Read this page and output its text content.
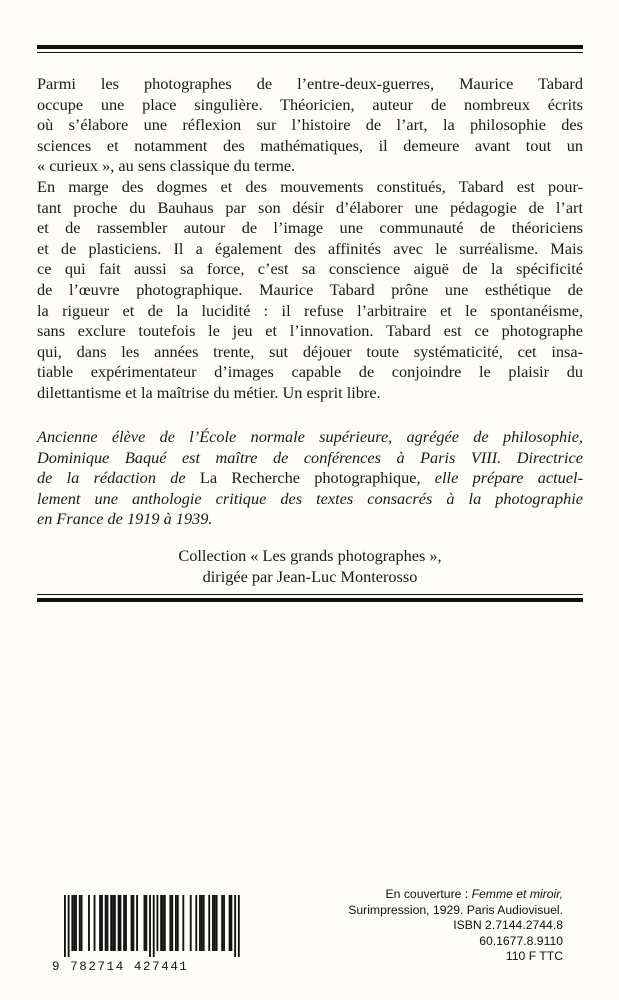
Parmi les photographes de l’entre-deux-guerres, Maurice Tabard
occupe une place singulière. Théoricien, auteur de nombreux écrits
où s’élabore une réflexion sur l’histoire de l’art, la philosophie des
sciences et notamment des mathématiques, il demeure avant tout un
« curieux », au sens classique du terme.

En marge des dogmes et des mouvements constitués, Tabard est pour-
tant proche du Bauhaus par son désir d’élaborer une pédagogie de l’art
et de rassembler autour de l’image une communauté de théoriciens
et de plasticiens. Il a également des affinités avec le surréalisme. Mais
ce qui fait aussi sa force, c’est sa conscience aiguë de la spécificité
de l’œuvre photographique. Maurice Tabard prône une esthétique de
la rigueur et de la lucidité : il refuse l’arbitraire et le spontanéisme,
sans exclure toutefois le jeu et l’innovation. Tabard est ce photographe
qui, dans les années trente, sut déjouer toute systématicité, cet insa-
tiable expérimentateur d’images capable de conjoindre le plaisir du
dilettantisme et la maîtrise du métier. Un esprit libre.

Ancienne élève de l’École normale supérieure, agrégée de philosophie,
Dominique Baqué est maître de conférences à Paris VIII. Directrice
de la rédaction de La Recherche photographique, elle prépare actuel-
lement une anthologie critique des textes consacrés à la photographie
en France de 1919 à 1939.
Collection « Les grands photographes »,
dirigée par Jean-Luc Monterosso
9 782714 427441
En couverture : Femme et miroir,
Surimpression, 1929. Paris Audiovisuel.
ISBN 2.7144.2744.8
60.1677.8.9110
110 F TTC
